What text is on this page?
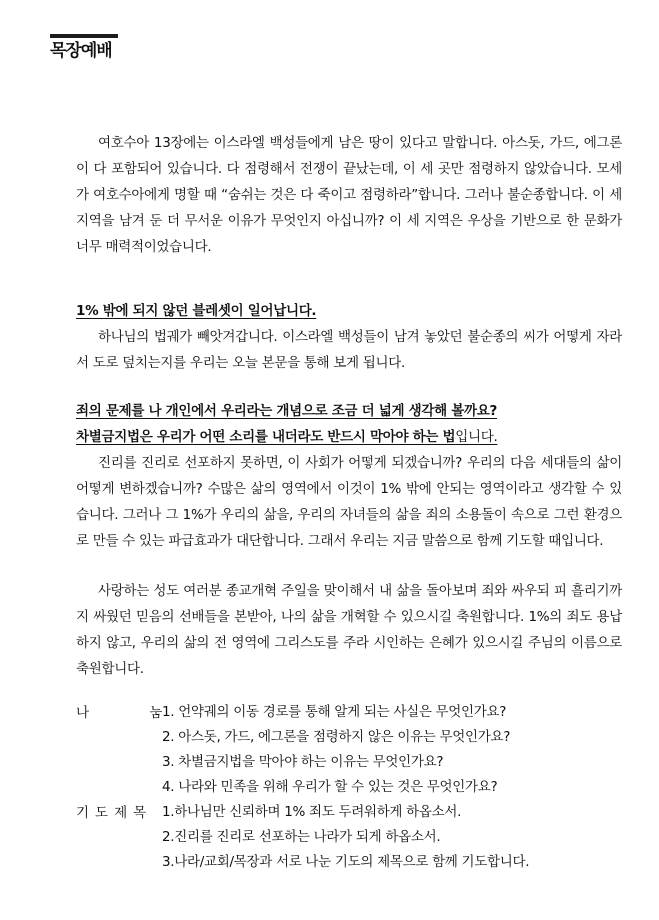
목장예배

여호수아 13장에는 이스라엘 백성들에게 남은 땅이 있다고 말합니다. 아스돗, 가드, 에그론이 다 포함되어 있습니다. 다 점령해서 전쟁이 끝났는데, 이 세 곳만 점령하지 않았습니다. 모세가 여호수아에게 명할 때 “숨쉬는 것은 다 죽이고 점령하라”합니다. 그러나 불순종합니다. 이 세 지역을 남겨 둔 더 무서운 이유가 무엇인지 아십니까? 이 세 지역은 우상을 기반으로 한 문화가 너무 매력적이었습니다.

1% 밖에 되지 않던 블레셋이 일어납니다.

하나님의 법궤가 빼앗겨갑니다. 이스라엘 백성들이 남겨 놓았던 불순종의 씨가 어떻게 자라서 도로 덮치는지를 우리는 오늘 본문을 통해 보게 됩니다.

죄의 문제를 나 개인에서 우리라는 개념으로 조금 더 넓게 생각해 볼까요?
차별금지법은 우리가 어떤 소리를 내더라도 반드시 막아야 하는 법입니다.

진리를 진리로 선포하지 못하면, 이 사회가 어떻게 되겠습니까? 우리의 다음 세대들의 삶이 어떻게 변하겠습니까? 수많은 삶의 영역에서 이것이 1% 밖에 안되는 영역이라고 생각할 수 있습니다. 그러나 그 1%가 우리의 삶을, 우리의 자녀들의 삶을 죄의 소용돌이 속으로 그런 환경으로 만들 수 있는 파급효과가 대단합니다. 그래서 우리는 지금 말씀으로 함께 기도할 때입니다.

사랑하는 성도 여러분 종교개혁 주일을 맞이해서 내 삶을 돌아보며 죄와 싸우되 피 흘리기까지 싸웠던 믿음의 선배들을 본받아, 나의 삶을 개혁할 수 있으시길 축원합니다. 1%의 죄도 용납하지 않고, 우리의 삶의 전 영역에 그리스도를 주라 시인하는 은혜가 있으시길 주님의 이름으로 축원합니다.

나 눔
1. 언약궤의 이동 경로를 통해 알게 되는 사실은 무엇인가요?
2. 아스돗, 가드, 에그론을 점령하지 않은 이유는 무엇인가요?
3. 차별금지법을 막아야 하는 이유는 무엇인가요?
4. 나라와 민족을 위해 우리가 할 수 있는 것은 무엇인가요?
기도제목 1.하나님만 신뢰하며 1% 죄도 두려워하게 하옵소서.
2.진리를 진리로 선포하는 나라가 되게 하옵소서.
3.나라/교회/목장과 서로 나눈 기도의 제목으로 함께 기도합니다.
